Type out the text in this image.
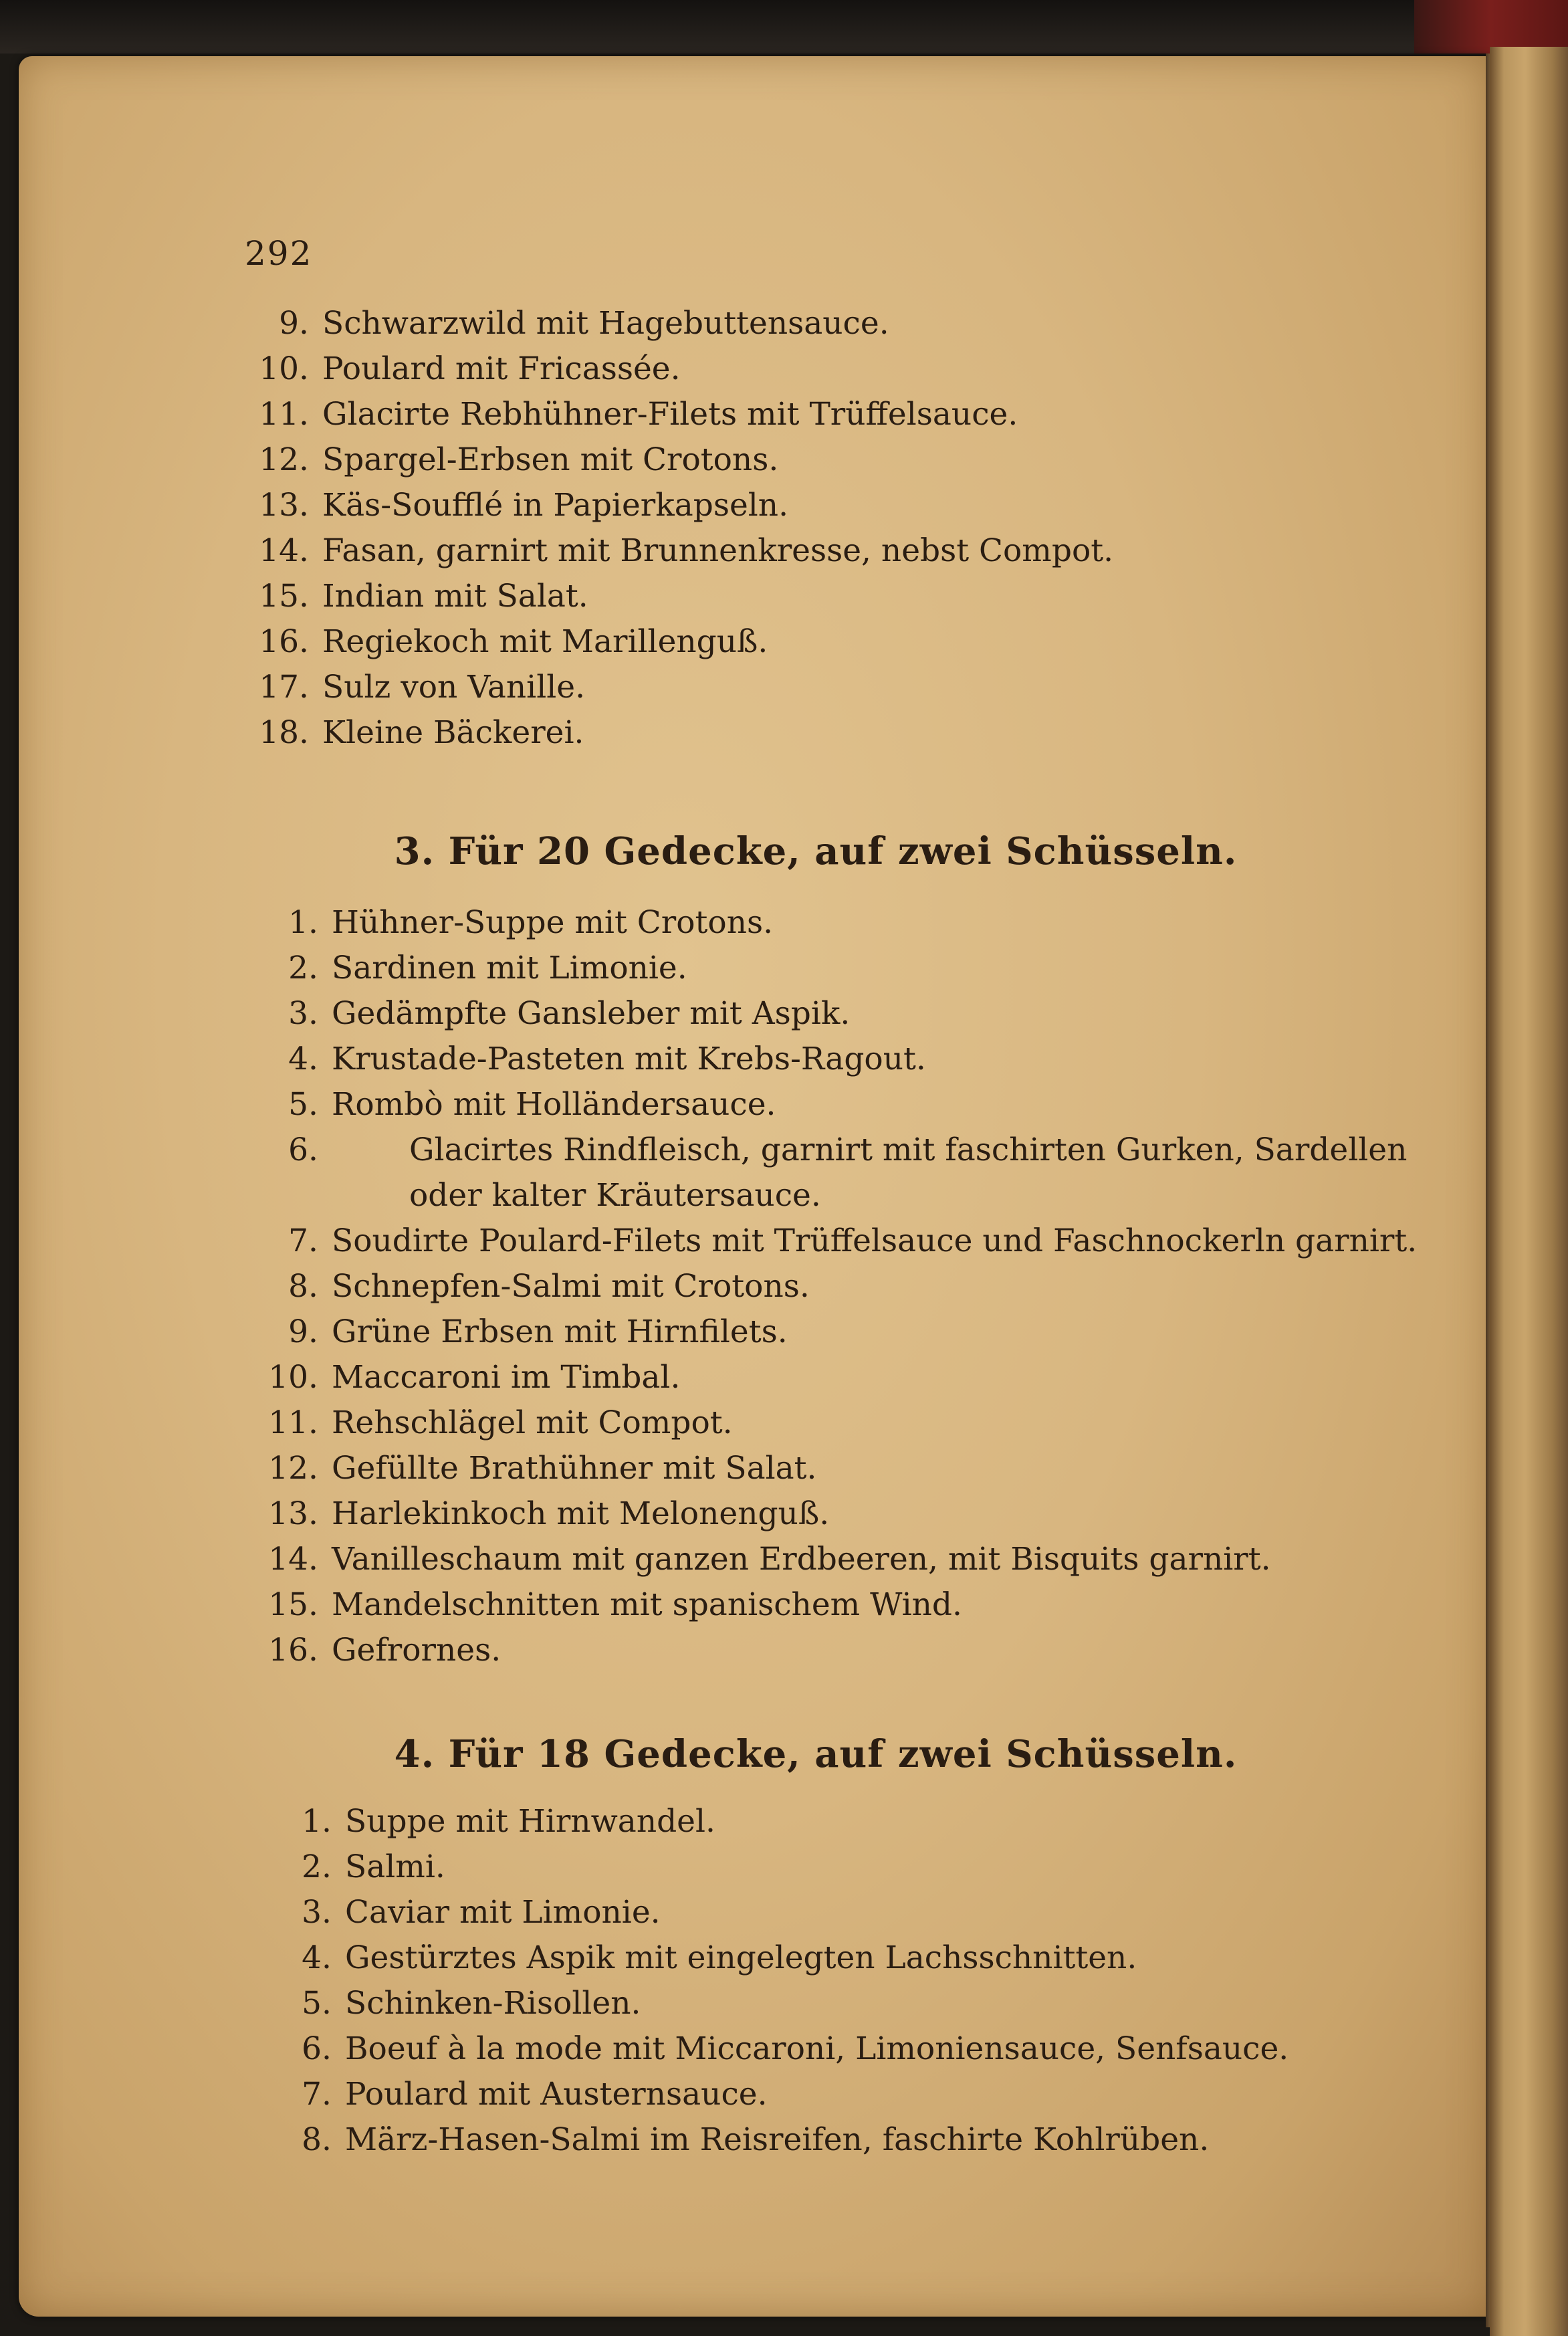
292

9. Schwarzwild mit Hagebuttensauce.
10. Poulard mit Fricassée.
11. Glacirte Rebhühner-Filets mit Trüffelsauce.
12. Spargel-Erbsen mit Crotons.
13. Käs-Soufflé in Papierkapseln.
14. Fasan, garnirt mit Brunnenkresse, nebst Compot.
15. Indian mit Salat.
16. Regiekoch mit Marillenguß.
17. Sulz von Vanille.
18. Kleine Bäckerei.
3. Für 20 Gedecke, auf zwei Schüsseln.
1. Hühner-Suppe mit Crotons.
2. Sardinen mit Limonie.
3. Gedämpfte Gansleber mit Aspik.
4. Krustade-Pasteten mit Krebs-Ragout.
5. Rombò mit Holländersauce.
6.	Glacirtes Rindfleisch, garnirt mit faschirten Gurken, Sardellen oder kalter Kräutersauce.
7. Soudirte Poulard-Filets mit Trüffelsauce und Faschnockerln garnirt.
8. Schnepfen-Salmi mit Crotons.
9. Grüne Erbsen mit Hirnfilets.
10. Maccaroni im Timbal.
11. Rehschlägel mit Compot.
12. Gefüllte Brathühner mit Salat.
13. Harlekinkoch mit Melonenguß.
14. Vanilleschaum mit ganzen Erdbeeren, mit Bisquits garnirt.
15. Mandelschnitten mit spanischem Wind.
16. Gefrornes.
4. Für 18 Gedecke, auf zwei Schüsseln.
1. Suppe mit Hirnwandel.
2. Salmi.
3. Caviar mit Limonie.
4. Gestürztes Aspik mit eingelegten Lachsschnitten.
5. Schinken-Risollen.
6. Boeuf à la mode mit Miccaroni, Limoniensauce, Senfsauce.
7. Poulard mit Austernsauce.
8. März-Hasen-Salmi im Reisreifen, faschirte Kohlrüben.
